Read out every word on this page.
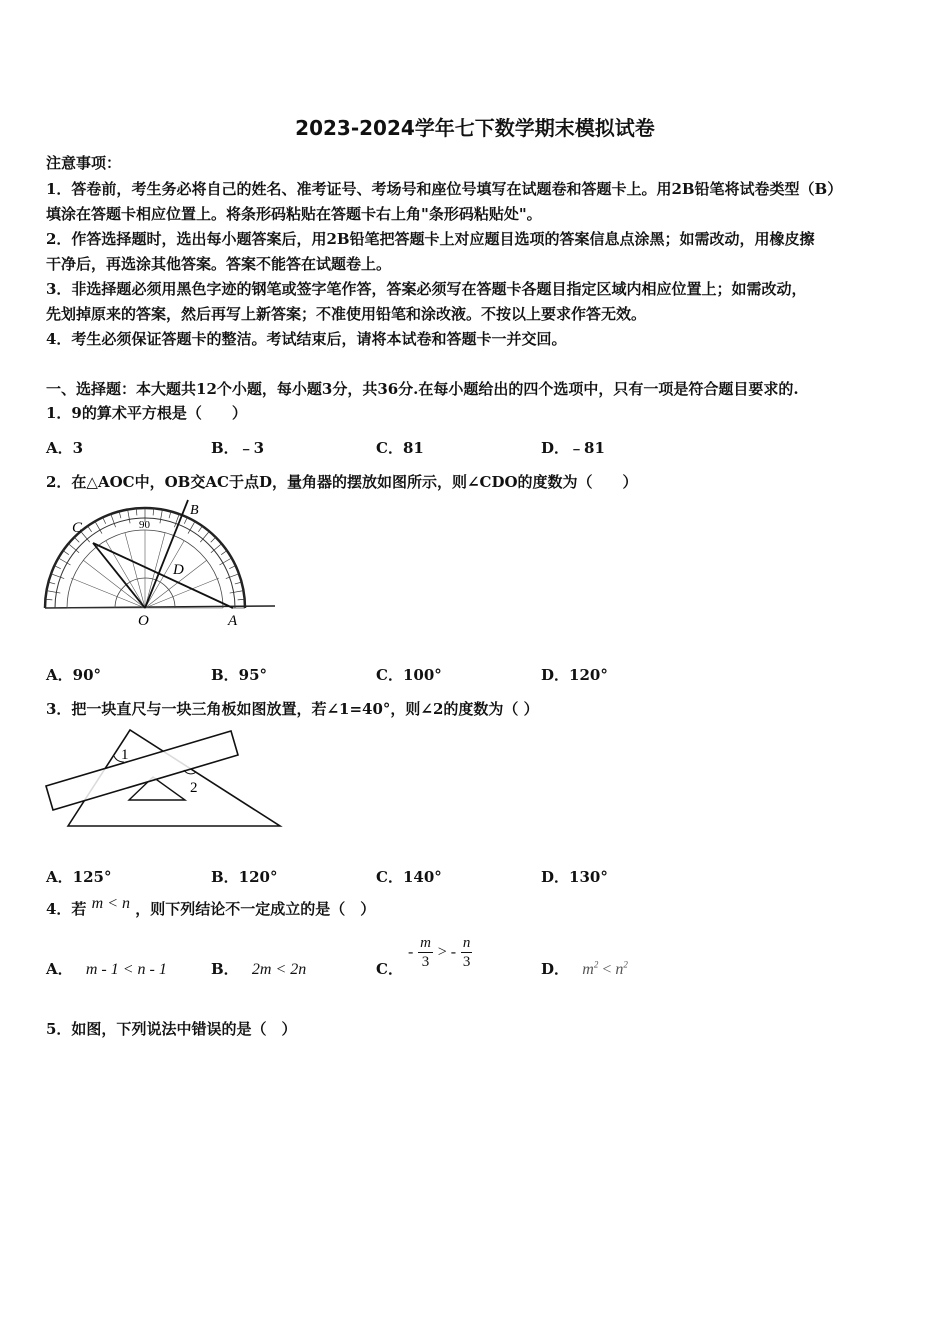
2023-2024学年七下数学期末模拟试卷
注意事项：
1．答卷前，考生务必将自己的姓名、准考证号、考场号和座位号填写在试题卷和答题卡上。用2B铅笔将试卷类型（B）
填涂在答题卡相应位置上。将条形码粘贴在答题卡右上角"条形码粘贴处"。
2．作答选择题时，选出每小题答案后，用2B铅笔把答题卡上对应题目选项的答案信息点涂黑；如需改动，用橡皮擦
干净后，再选涂其他答案。答案不能答在试题卷上。
3．非选择题必须用黑色字迹的钢笔或签字笔作答，答案必须写在答题卡各题目指定区域内相应位置上；如需改动，
先划掉原来的答案，然后再写上新答案；不准使用铅笔和涂改液。不按以上要求作答无效。
4．考生必须保证答题卡的整洁。考试结束后，请将本试卷和答题卡一并交回。
一、选择题：本大题共12个小题，每小题3分，共36分.在每小题给出的四个选项中，只有一项是符合题目要求的.
1．9的算术平方根是（　　）
A．3	B．﹣3	C．81	D．﹣81
2．在△AOC中，OB交AC于点D，量角器的摆放如图所示，则∠CDO的度数为（　　）
C
B
D
O	A
90
A．90°	B．95°	C．100°	D．120°
3．把一块直尺与一块三角板如图放置，若∠1=40°，则∠2的度数为（ ）
1
2
A．125°	B．120°	C．140°	D．130°
4．若 m < n ，则下列结论不一定成立的是（　）
A． m - 1 < n - 1	B． 2m < 2n	C．
- $\frac{m}{3}$ > - $\frac{n}{3}$	D． $m^2 < n^2$
5．如图，下列说法中错误的是（　）
